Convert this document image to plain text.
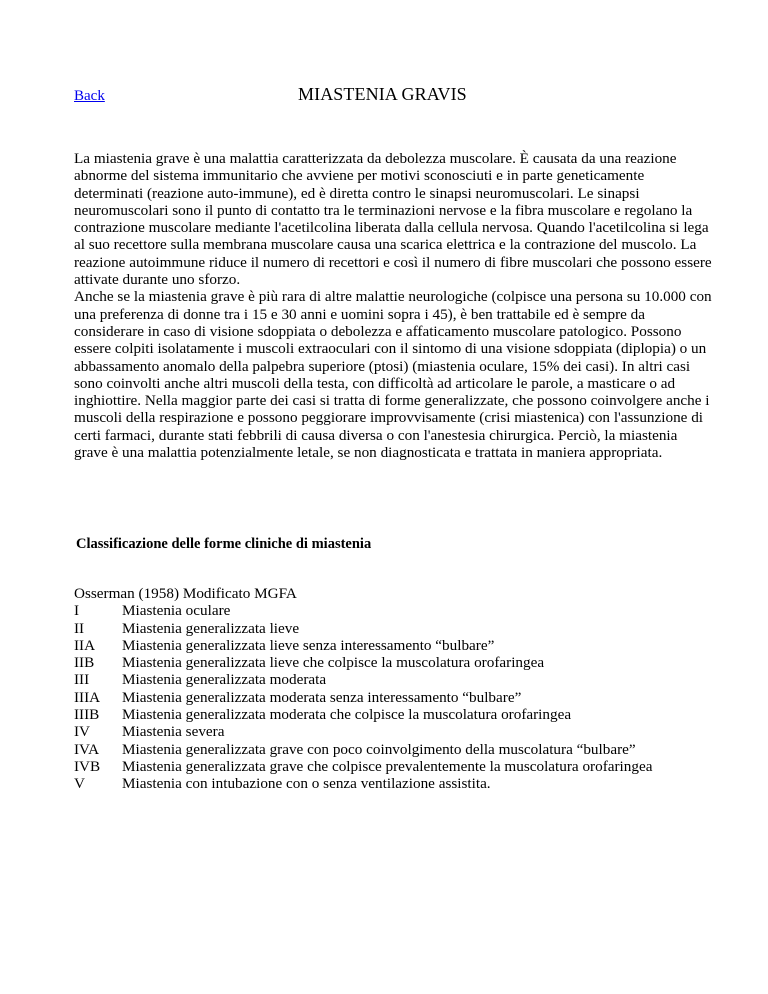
Back	MIASTENIA GRAVIS

La miastenia grave è una malattia caratterizzata da debolezza muscolare. È causata da una reazione abnorme del sistema immunitario che avviene per motivi sconosciuti e in parte geneticamente determinati (reazione auto-immune), ed è diretta contro le sinapsi neuromuscolari. Le sinapsi neuromuscolari sono il punto di contatto tra le terminazioni nervose e la fibra muscolare e regolano la contrazione muscolare mediante l'acetilcolina liberata dalla cellula nervosa. Quando l'acetilcolina si lega al suo recettore sulla membrana muscolare causa una scarica elettrica e la contrazione del muscolo. La reazione autoimmune riduce il numero di recettori e così il numero di fibre muscolari che possono essere attivate durante uno sforzo.

Anche se la miastenia grave è più rara di altre malattie neurologiche (colpisce una persona su 10.000 con una preferenza di donne tra i 15 e 30 anni e uomini sopra i 45), è ben trattabile ed è sempre da considerare in caso di visione sdoppiata o debolezza e affaticamento muscolare patologico. Possono essere colpiti isolatamente i muscoli extraoculari con il sintomo di una visione sdoppiata (diplopia) o un abbassamento anomalo della palpebra superiore (ptosi) (miastenia oculare, 15% dei casi). In altri casi sono coinvolti anche altri muscoli della testa, con difficoltà ad articolare le parole, a masticare o ad inghiottire. Nella maggior parte dei casi si tratta di forme generalizzate, che possono coinvolgere anche i muscoli della respirazione e possono peggiorare improvvisamente (crisi miastenica) con l'assunzione di certi farmaci, durante stati febbrili di causa diversa o con l'anestesia chirurgica. Perciò, la miastenia grave è una malattia potenzialmente letale, se non diagnosticata e trattata in maniera appropriata.

Classificazione delle forme cliniche di miastenia
Osserman (1958) Modificato MGFA
I	Miastenia oculare
II Miastenia generalizzata lieve
IIA Miastenia generalizzata lieve senza interessamento “bulbare”
IIB Miastenia generalizzata lieve che colpisce la muscolatura orofaringea
III Miastenia generalizzata moderata
IIIA Miastenia generalizzata moderata senza interessamento “bulbare”
IIIB Miastenia generalizzata moderata che colpisce la muscolatura orofaringea
IV Miastenia severa
IVA Miastenia generalizzata grave con poco coinvolgimento della muscolatura “bulbare”
IVB Miastenia generalizzata grave che colpisce prevalentemente la muscolatura orofaringea
V Miastenia con intubazione con o senza ventilazione assistita.
